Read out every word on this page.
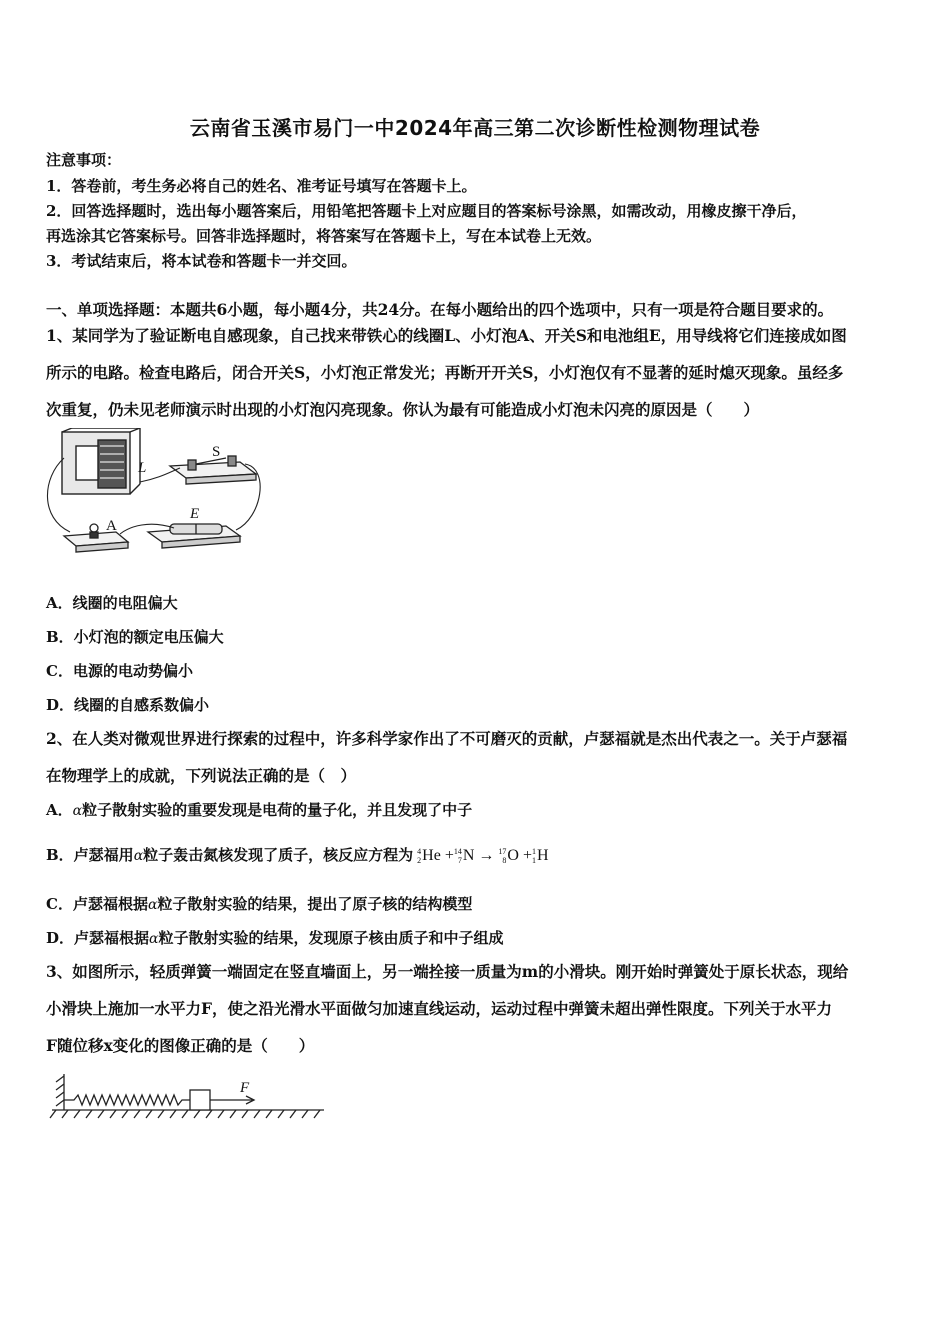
云南省玉溪市易门一中2024年高三第二次诊断性检测物理试卷
注意事项：
1．答卷前，考生务必将自己的姓名、准考证号填写在答题卡上。
2．回答选择题时，选出每小题答案后，用铅笔把答题卡上对应题目的答案标号涂黑，如需改动，用橡皮擦干净后，
再选涂其它答案标号。回答非选择题时，将答案写在答题卡上，写在本试卷上无效。
3．考试结束后，将本试卷和答题卡一并交回。
一、单项选择题：本题共6小题，每小题4分，共24分。在每小题给出的四个选项中，只有一项是符合题目要求的。
1、某同学为了验证断电自感现象，自己找来带铁心的线圈L、小灯泡A、开关S和电池组E，用导线将它们连接成如图
所示的电路。检查电路后，闭合开关S，小灯泡正常发光；再断开开关S，小灯泡仅有不显著的延时熄灭现象。虽经多
次重复，仍未见老师演示时出现的小灯泡闪亮现象。你认为最有可能造成小灯泡未闪亮的原因是（　　）
L
S
E
A
A．线圈的电阻偏大
B．小灯泡的额定电压偏大
C．电源的电动势偏小
D．线圈的自感系数偏小
2、在人类对微观世界进行探索的过程中，许多科学家作出了不可磨灭的贡献，卢瑟福就是杰出代表之一。关于卢瑟福
在物理学上的成就，下列说法正确的是（　）
A．α粒子散射实验的重要发现是电荷的量子化，并且发现了中子
B．卢瑟福用α粒子轰击氮核发现了质子，核反应方程为 4
2 He + 14
7 N → 17
8 O + 1
1 H
C．卢瑟福根据α粒子散射实验的结果，提出了原子核的结构模型
D．卢瑟福根据α粒子散射实验的结果，发现原子核由质子和中子组成
3、如图所示，轻质弹簧一端固定在竖直墙面上，另一端拴接一质量为m的小滑块。刚开始时弹簧处于原长状态，现给
小滑块上施加一水平力F，使之沿光滑水平面做匀加速直线运动，运动过程中弹簧未超出弹性限度。下列关于水平力
F随位移x变化的图像正确的是（　　）
F
